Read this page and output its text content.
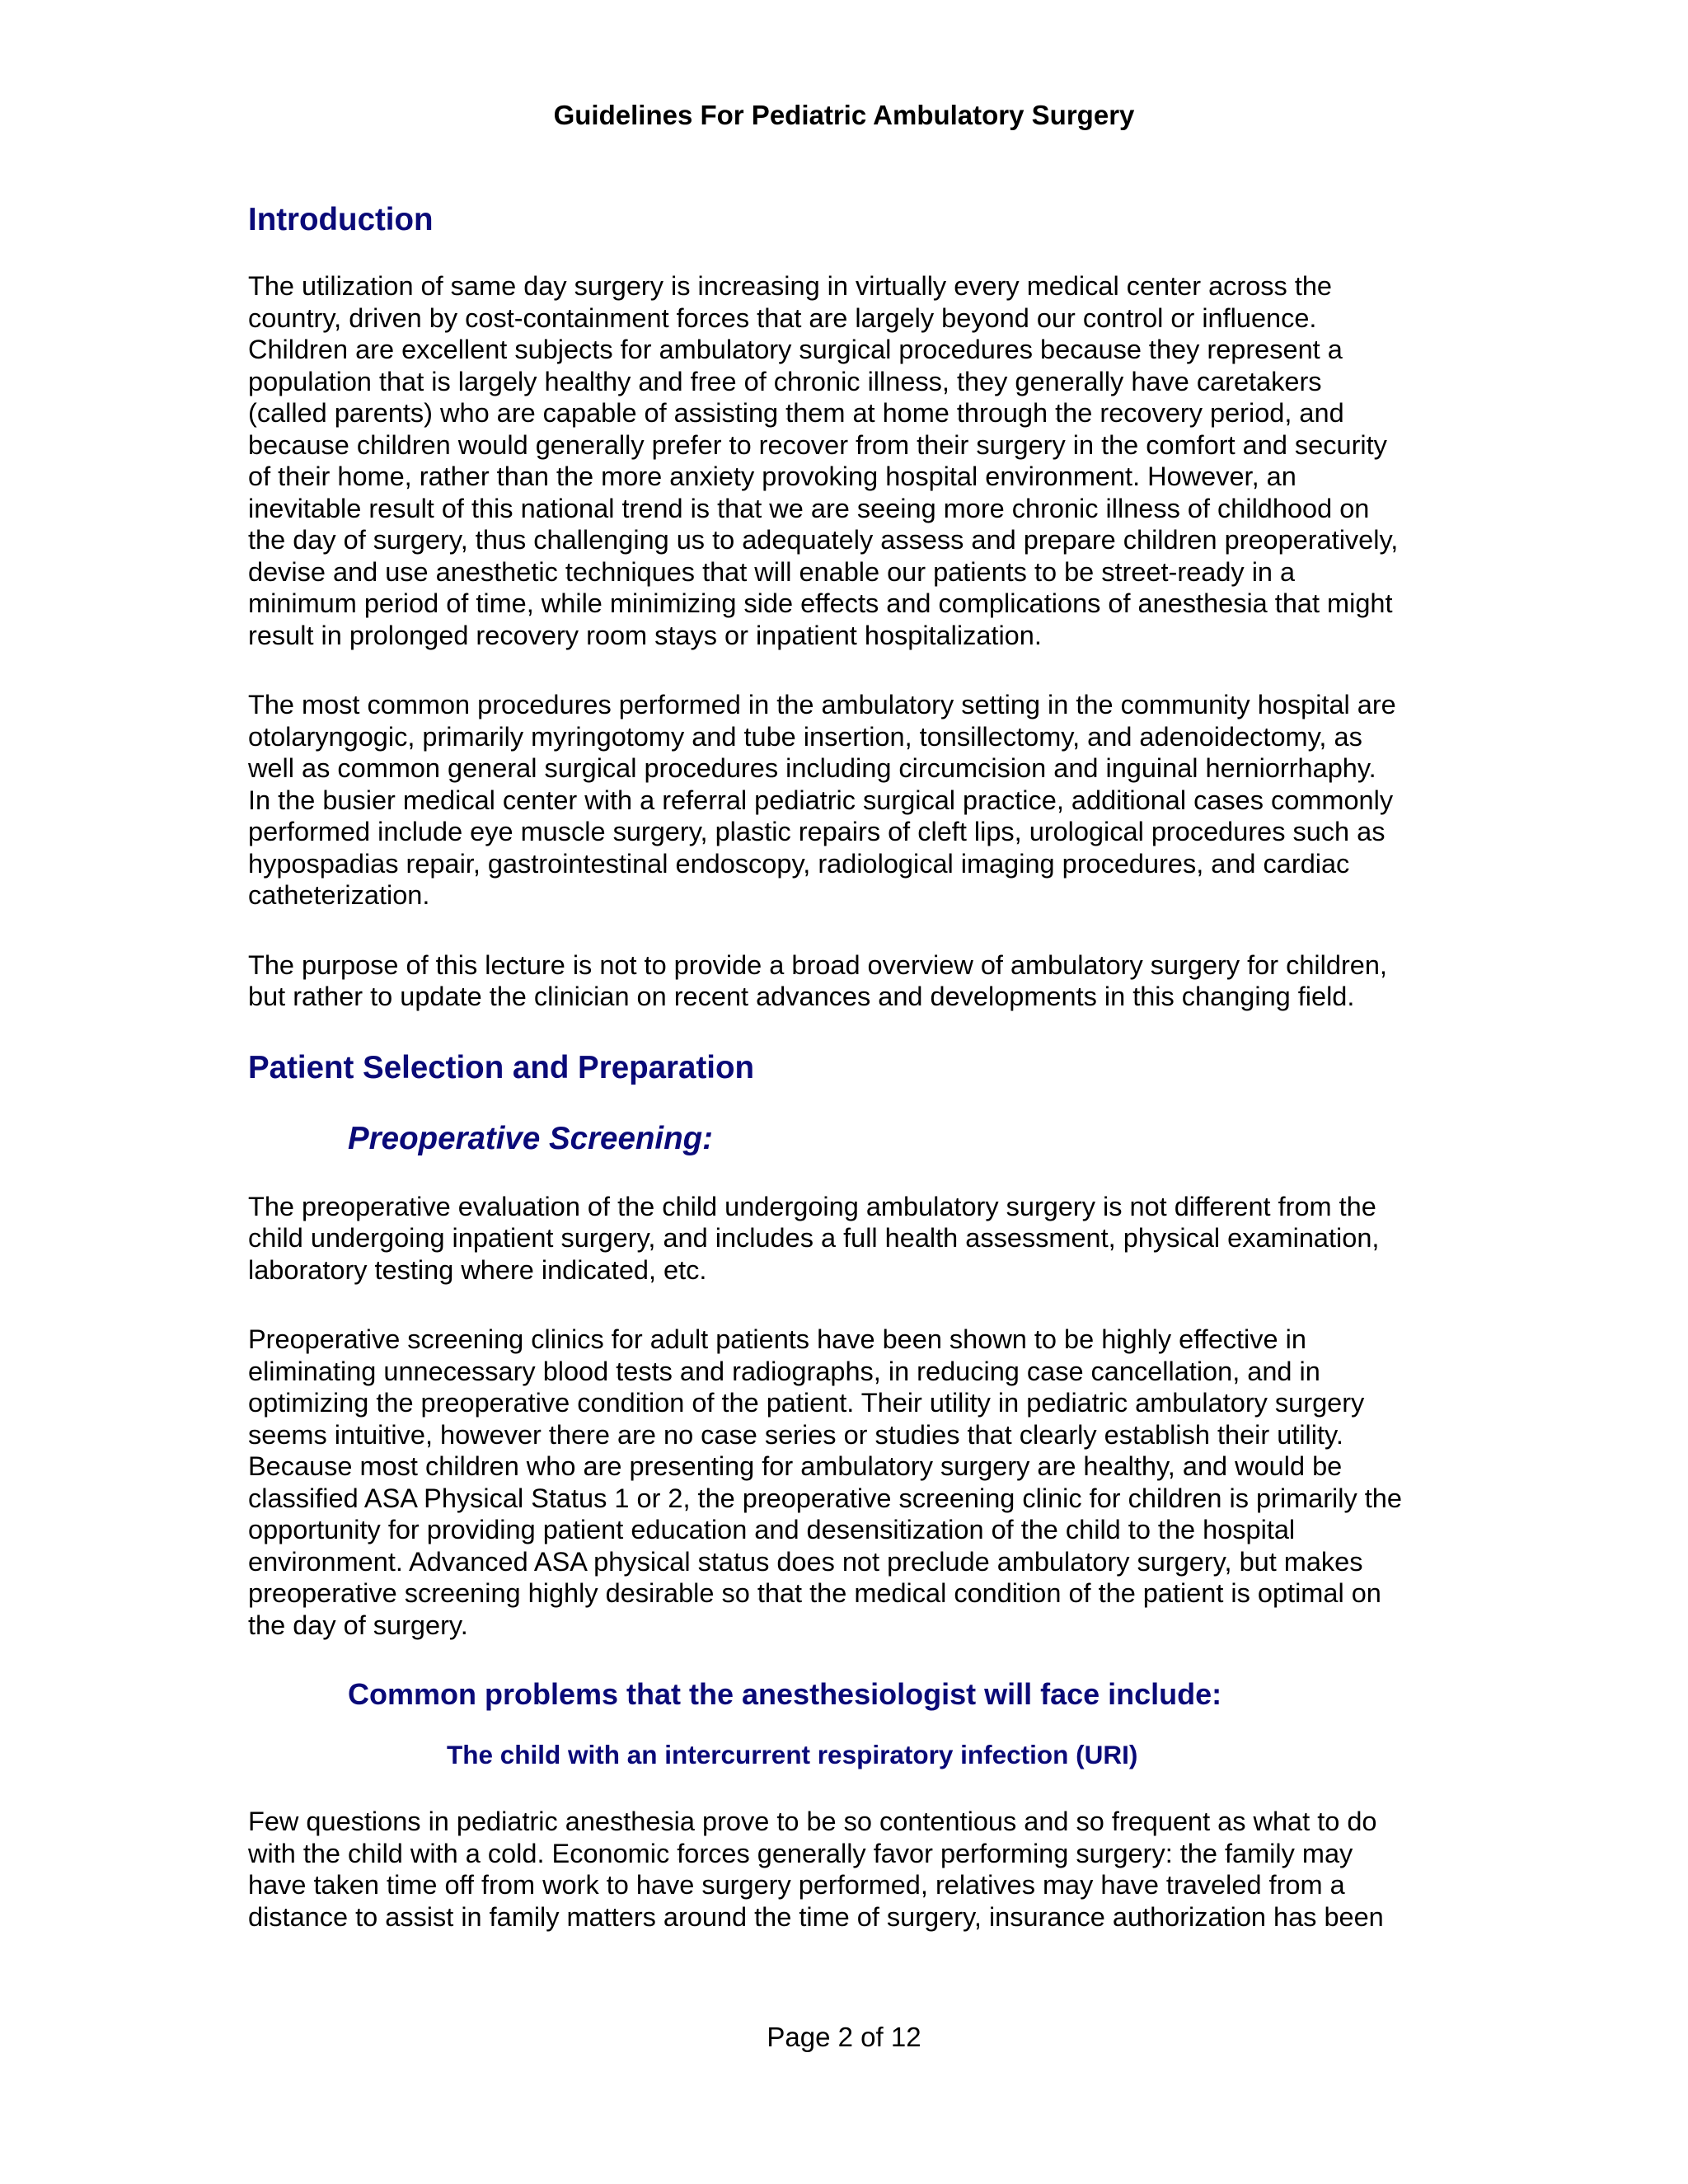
Guidelines For Pediatric Ambulatory Surgery
Introduction

The utilization of same day surgery is increasing in virtually every medical center across the
country, driven by cost-containment forces that are largely beyond our control or influence.
Children are excellent subjects for ambulatory surgical procedures because they represent a
population that is largely healthy and free of chronic illness, they generally have caretakers
(called parents) who are capable of assisting them at home through the recovery period, and
because children would generally prefer to recover from their surgery in the comfort and security
of their home, rather than the more anxiety provoking hospital environment. However, an
inevitable result of this national trend is that we are seeing more chronic illness of childhood on
the day of surgery, thus challenging us to adequately assess and prepare children preoperatively,
devise and use anesthetic techniques that will enable our patients to be street-ready in a
minimum period of time, while minimizing side effects and complications of anesthesia that might
result in prolonged recovery room stays or inpatient hospitalization.

The most common procedures performed in the ambulatory setting in the community hospital are
otolaryngogic, primarily myringotomy and tube insertion, tonsillectomy, and adenoidectomy, as
well as common general surgical procedures including circumcision and inguinal herniorrhaphy.
In the busier medical center with a referral pediatric surgical practice, additional cases commonly
performed include eye muscle surgery, plastic repairs of cleft lips, urological procedures such as
hypospadias repair, gastrointestinal endoscopy, radiological imaging procedures, and cardiac
catheterization.

The purpose of this lecture is not to provide a broad overview of ambulatory surgery for children,
but rather to update the clinician on recent advances and developments in this changing field.

Patient Selection and Preparation
Preoperative Screening:

The preoperative evaluation of the child undergoing ambulatory surgery is not different from the
child undergoing inpatient surgery, and includes a full health assessment, physical examination,
laboratory testing where indicated, etc.

Preoperative screening clinics for adult patients have been shown to be highly effective in
eliminating unnecessary blood tests and radiographs, in reducing case cancellation, and in
optimizing the preoperative condition of the patient. Their utility in pediatric ambulatory surgery
seems intuitive, however there are no case series or studies that clearly establish their utility.
Because most children who are presenting for ambulatory surgery are healthy, and would be
classified ASA Physical Status 1 or 2, the preoperative screening clinic for children is primarily the
opportunity for providing patient education and desensitization of the child to the hospital
environment. Advanced ASA physical status does not preclude ambulatory surgery, but makes
preoperative screening highly desirable so that the medical condition of the patient is optimal on
the day of surgery.

Common problems that the anesthesiologist will face include:
The child with an intercurrent respiratory infection (URI)

Few questions in pediatric anesthesia prove to be so contentious and so frequent as what to do
with the child with a cold. Economic forces generally favor performing surgery: the family may
have taken time off from work to have surgery performed, relatives may have traveled from a
distance to assist in family matters around the time of surgery, insurance authorization has been

Page 2 of 12
